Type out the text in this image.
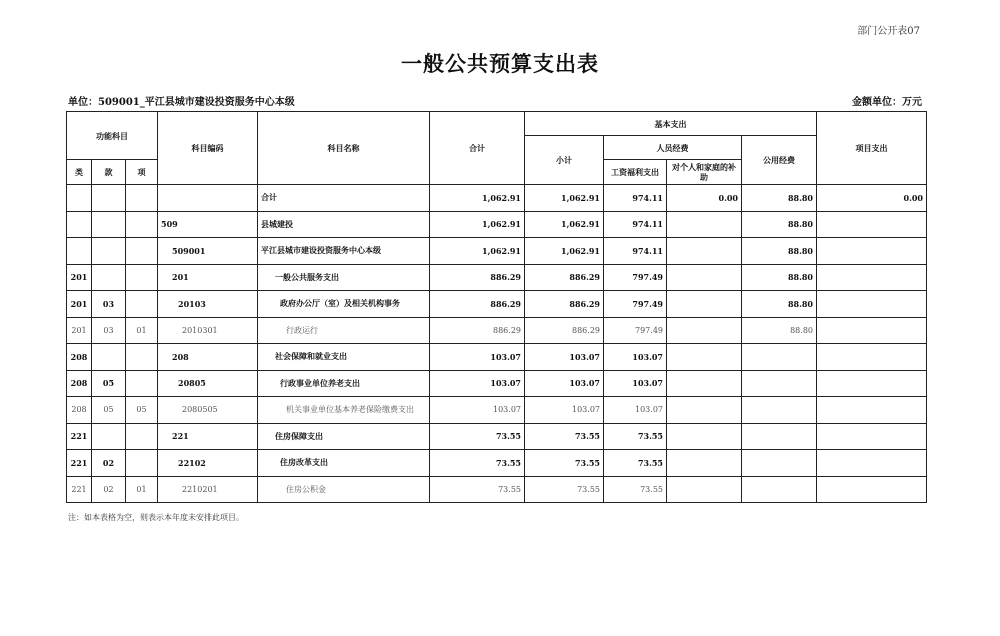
部门公开表07
一般公共预算支出表
单位：509001_平江县城市建设投资服务中心本级	金额单位：万元
功能科目			科目编码	科目名称	合计	基本支出				项目支出
						小计	人员经费		公用经费	
类	款	项					工资福利支出	对个人和家庭的补助		
				合计	1,062.91	1,062.91	974.11	0.00	88.80	0.00
			509	县城建投	1,062.91	1,062.91	974.11		88.80	
			509001	平江县城市建设投资服务中心本级	1,062.91	1,062.91	974.11		88.80	
201			201	一般公共服务支出	886.29	886.29	797.49		88.80	
201	03		20103	政府办公厅（室）及相关机构事务	886.29	886.29	797.49		88.80	
201	03	01	2010301	行政运行	886.29	886.29	797.49		88.80	
208			208	社会保障和就业支出	103.07	103.07	103.07			
208	05		20805	行政事业单位养老支出	103.07	103.07	103.07			
208	05	05	2080505	机关事业单位基本养老保险缴费支出	103.07	103.07	103.07			
221			221	住房保障支出	73.55	73.55	73.55			
221	02		22102	住房改革支出	73.55	73.55	73.55			
221	02	01	2210201	住房公积金	73.55	73.55	73.55			
注：如本表格为空，则表示本年度未安排此项目。
